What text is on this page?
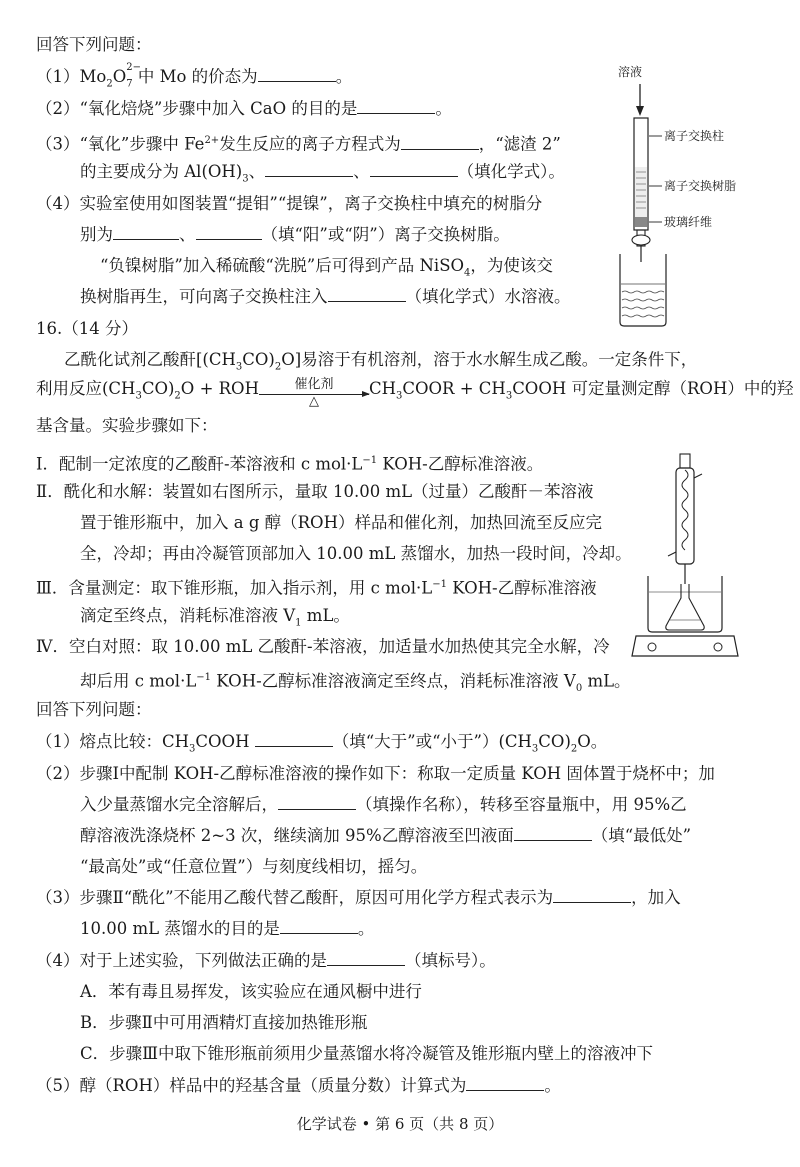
回答下列问题：
$(1)Mo_2O$ 2−
$_7$ 中 Mo 的价态为	。
（2）“氧化焙烧”步骤中加入 CaO 的目的是	。
（3）“氧化”步骤中 $Fe^{2+}$发生反应的离子方程式为	，“滤渣 2”
的主要成分为 $Al(OH)_3$、	、	（填化学式）。
（4）实验室使用如图装置“提钼”“提镍”，离子交换柱中填充的树脂分
别为	、	（填“阳”或“阴”）离子交换树脂。
“负镍树脂”加入稀硫酸“洗脱”后可得到产品 NiSO$_4$，为使该交
换树脂再生，可向离子交换柱注入	（填化学式）水溶液。
溶液
离子交换柱
离子交换树脂
玻璃纤维
16.（14 分）
乙酰化试剂乙酸酐$[(CH_3CO)_2O]$易溶于有机溶剂，溶于水水解生成乙酸。一定条件下，
利用反应$(CH_3CO)_2O$ + ROH	催化剂
△
$CH_3COOR$ + $CH_3COOH$ 可定量测定醇（ROH）中的羟
基含量。实验步骤如下：
Ⅰ．配制一定浓度的乙酸酐-苯溶液和 c $mol\cdot L^{-1}$ KOH-乙醇标准溶液。
Ⅱ．酰化和水解：装置如右图所示，量取 10.00 mL（过量）乙酸酐－苯溶液
置于锥形瓶中，加入 a g 醇（ROH）样品和催化剂，加热回流至反应完
全，冷却；再由冷凝管顶部加入 10.00 mL 蒸馏水，加热一段时间，冷却。
Ⅲ．含量测定：取下锥形瓶，加入指示剂，用 c $mol\cdot L^{-1}$ KOH-乙醇标准溶液
滴定至终点，消耗标准溶液 $V_1$ mL。
Ⅳ．空白对照：取 10.00 mL 乙酸酐-苯溶液，加适量水加热使其完全水解，冷
却后用 c $mol\cdot L^{-1}$ KOH-乙醇标准溶液滴定至终点，消耗标准溶液 $V_0$ mL。
回答下列问题：
（1）熔点比较：$CH_3COOH$	（填“大于”或“小于$”)(CH_3CO)_2O$。
（2）步骤Ⅰ中配制 KOH-乙醇标准溶液的操作如下：称取一定质量 KOH 固体置于烧杯中；加
入少量蒸馏水完全溶解后，	（填操作名称），转移至容量瓶中，用 95%乙
醇溶液洗涤烧杯 2~3 次，继续滴加 95%乙醇溶液至凹液面	（填“最低处”
“最高处”或“任意位置”）与刻度线相切，摇匀。
（3）步骤Ⅱ“酰化”不能用乙酸代替乙酸酐，原因可用化学方程式表示为	，加入
10.00 mL 蒸馏水的目的是	。
（4）对于上述实验，下列做法正确的是	（填标号）。
A．苯有毒且易挥发，该实验应在通风橱中进行
B．步骤Ⅱ中可用酒精灯直接加热锥形瓶
C．步骤Ⅲ中取下锥形瓶前须用少量蒸馏水将冷凝管及锥形瓶内壁上的溶液冲下
（5）醇（ROH）样品中的羟基含量（质量分数）计算式为	。
化学试卷 • 第 6 页（共 8 页）
